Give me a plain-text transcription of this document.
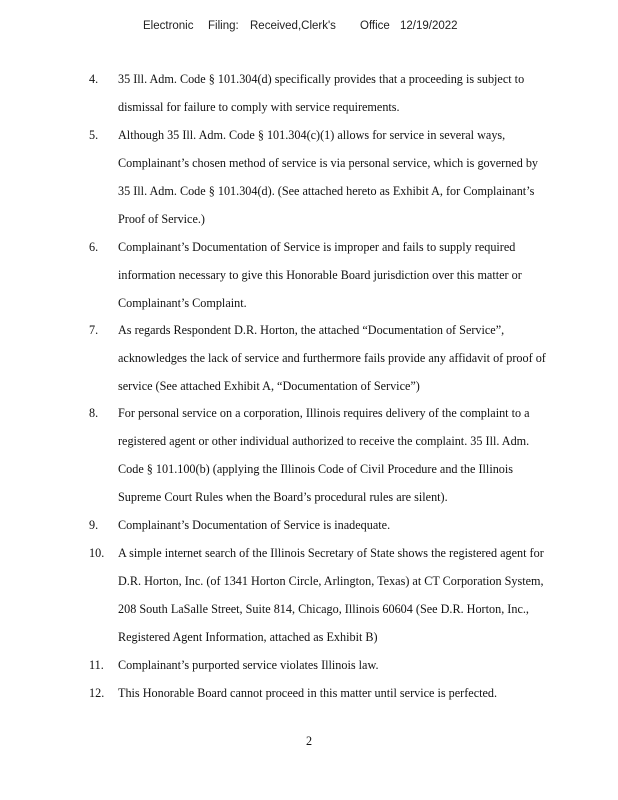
Electronic Filing: Received,Clerk's Office 12/19/2022
4. 35 Ill. Adm. Code § 101.304(d) specifically provides that a proceeding is subject to
dismissal for failure to comply with service requirements.
5. Although 35 Ill. Adm. Code § 101.304(c)(1) allows for service in several ways,
Complainant’s chosen method of service is via personal service, which is governed by
35 Ill. Adm. Code § 101.304(d). (See attached hereto as Exhibit A, for Complainant’s
Proof of Service.)
6. Complainant’s Documentation of Service is improper and fails to supply required
information necessary to give this Honorable Board jurisdiction over this matter or
Complainant’s Complaint.
7. As regards Respondent D.R. Horton, the attached “Documentation of Service”,
acknowledges the lack of service and furthermore fails provide any affidavit of proof of
service (See attached Exhibit A, “Documentation of Service”)
8. For personal service on a corporation, Illinois requires delivery of the complaint to a
registered agent or other individual authorized to receive the complaint. 35 Ill. Adm.
Code § 101.100(b) (applying the Illinois Code of Civil Procedure and the Illinois
Supreme Court Rules when the Board’s procedural rules are silent).
9. Complainant’s Documentation of Service is inadequate.
10. A simple internet search of the Illinois Secretary of State shows the registered agent for
D.R. Horton, Inc. (of 1341 Horton Circle, Arlington, Texas) at CT Corporation System,
208 South LaSalle Street, Suite 814, Chicago, Illinois 60604 (See D.R. Horton, Inc.,
Registered Agent Information, attached as Exhibit B)
11. Complainant’s purported service violates Illinois law.
12. This Honorable Board cannot proceed in this matter until service is perfected.
2
